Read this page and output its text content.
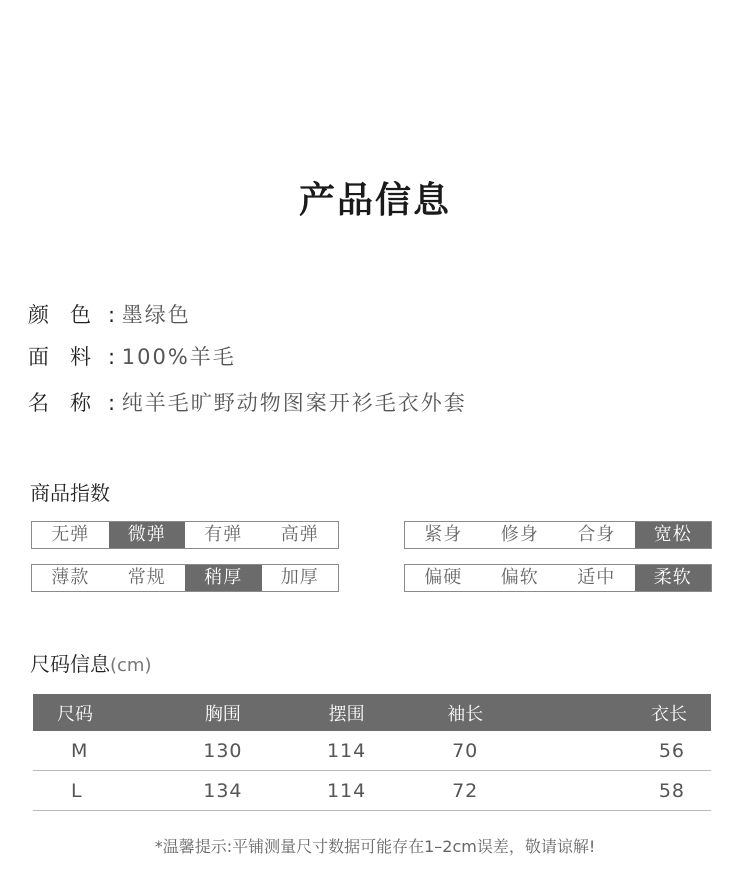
产品信息
颜　色 : 墨绿色
面　料 : 100%羊毛
名　称 : 纯羊毛旷野动物图案开衫毛衣外套
商品指数
无弹	微弹	有弹	高弹	紧身	修身	合身	宽松
薄款	常规	稍厚	加厚	偏硬	偏软	适中	柔软
尺码信息(cm)
尺码	胸围	摆围	袖长	衣长
M	130	114	70	56
L	134	114	72	58
*温馨提示:平铺测量尺寸数据可能存在1–2cm误差，敬请谅解!
